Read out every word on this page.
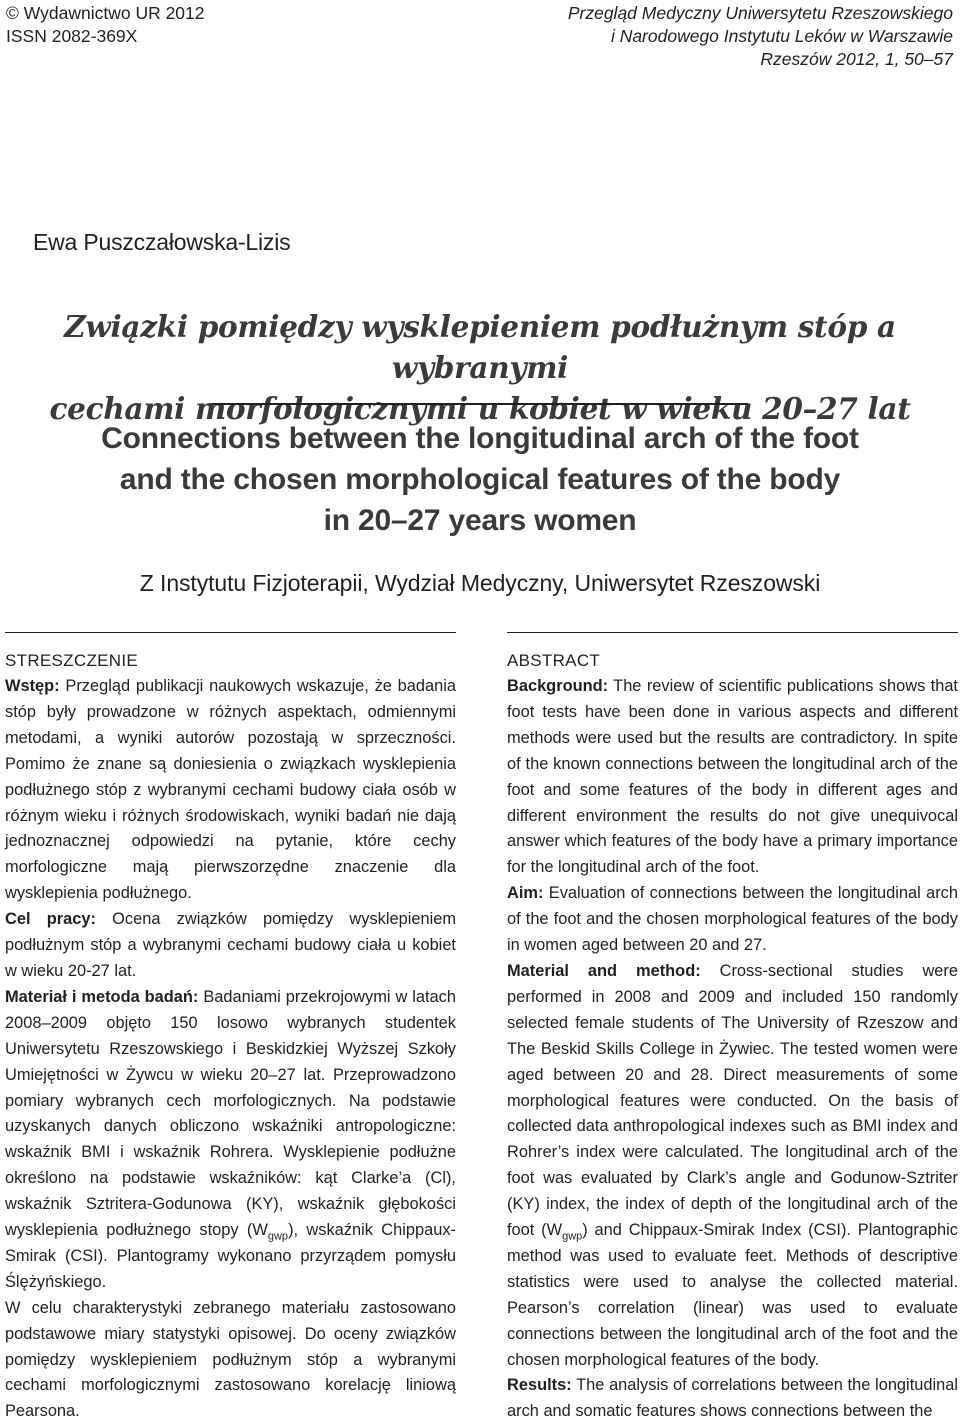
© Wydawnictwo UR 2012
ISSN 2082-369X
Przegląd Medyczny Uniwersytetu Rzeszowskiego
i Narodowego Instytutu Leków w Warszawie
Rzeszów 2012, 1, 50–57
Ewa Puszczałowska-Lizis
Związki pomiędzy wysklepieniem podłużnym stóp a wybranymi
cechami morfologicznymi u kobiet w wieku 20–27 lat
Connections between the longitudinal arch of the foot
and the chosen morphological features of the body
in 20–27 years women
Z Instytutu Fizjoterapii, Wydział Medyczny, Uniwersytet Rzeszowski
STRESZCZENIE

Wstęp: Przegląd publikacji naukowych wskazuje, że badania stóp były prowadzone w różnych aspektach, odmiennymi metodami, a wyniki autorów pozostają w sprzeczności. Pomimo że znane są doniesienia o związkach wysklepienia podłużnego stóp z wybranymi cechami budowy ciała osób w różnym wieku i różnych środowiskach, wyniki badań nie dają jednoznacznej odpowiedzi na pytanie, które cechy morfologiczne mają pierwszorzędne znaczenie dla wysklepienia podłużnego.

Cel pracy: Ocena związków pomiędzy wysklepieniem podłużnym stóp a wybranymi cechami budowy ciała u kobiet w wieku 20-27 lat.

Materiał i metoda badań: Badaniami przekrojowymi w latach 2008–2009 objęto 150 losowo wybranych studentek Uniwersytetu Rzeszowskiego i Beskidzkiej Wyższej Szkoły Umiejętności w Żywcu w wieku 20–27 lat. Przeprowadzono pomiary wybranych cech morfologicznych. Na podstawie uzyskanych danych obliczono wskaźniki antropologiczne: wskaźnik BMI i wskaźnik Rohrera. Wysklepienie podłużne określono na podstawie wskaźników: kąt Clarke’a (Cl), wskaźnik Sztritera-Godunowa (KY), wskaźnik głębokości wysklepienia podłużnego stopy $(W_{gwp})$, wskaźnik Chippaux-Smirak (CSI). Plantogramy wykonano przyrządem pomysłu Ślężyńskiego.

W celu charakterystyki zebranego materiału zastosowano podstawowe miary statystyki opisowej. Do oceny związków pomiędzy wysklepieniem podłużnym stóp a wybranymi cechami morfologicznymi zastosowano korelację liniową Pearsona.

ABSTRACT

Background: The review of scientific publications shows that foot tests have been done in various aspects and different methods were used but the results are contradictory. In spite of the known connections between the longitudinal arch of the foot and some features of the body in different ages and different environment the results do not give unequivocal answer which features of the body have a primary importance for the longitudinal arch of the foot.

Aim: Evaluation of connections between the longitudinal arch of the foot and the chosen morphological features of the body in women aged between 20 and 27.

Material and method: Cross-sectional studies were performed in 2008 and 2009 and included 150 randomly selected female students of The University of Rzeszow and The Beskid Skills College in Żywiec. The tested women were aged between 20 and 28. Direct measurements of some morphological features were conducted. On the basis of collected data anthropological indexes such as BMI index and Rohrer’s index were calculated. The longitudinal arch of the foot was evaluated by Clark’s angle and Godunow-Sztriter (KY) index, the index of depth of the longitudinal arch of the foot $(W_{gwp})$ and Chippaux-Smirak Index (CSI). Plantographic method was used to evaluate feet. Methods of descriptive statistics were used to analyse the collected material. Pearson’s correlation (linear) was used to evaluate connections between the longitudinal arch of the foot and the chosen morphological features of the body.

Results: The analysis of correlations between the longitudinal arch and somatic features shows connections between the
